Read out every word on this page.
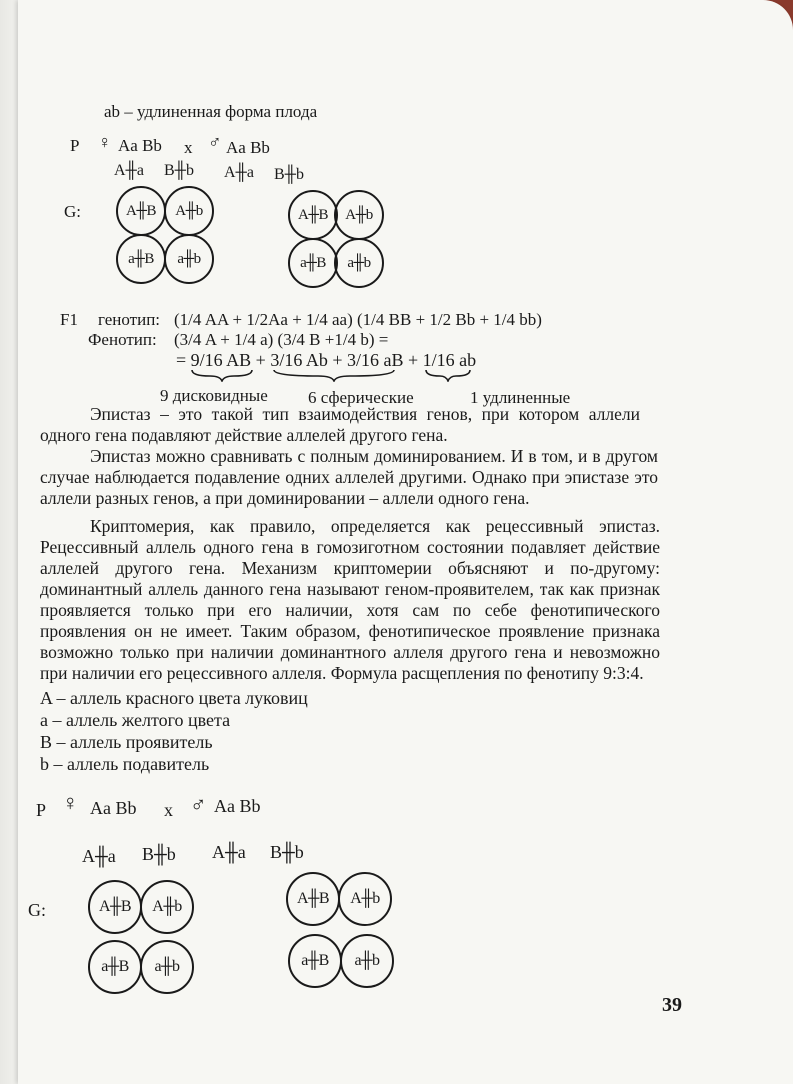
ab – удлиненная форма плода
P ♀ Aa Bb x ♂ Aa Bb
A╫a B╫b A╫a B╫b
G:	A╫B	A╫b
a╫B	a╫b
A╫B	A╫b
a╫B	a╫b
F1 генотип: (1/4 AA + 1/2Aa + 1/4 aa) (1/4 BB + 1/2 Bb + 1/4 bb)
Фенотип: (3/4 A + 1/4 a) (3/4 B +1/4 b) =
= 9/16 AB + 3/16 Ab + 3/16 aB + 1/16 ab
9 дисковидные 6 сферические	1 удлиненные
Эпистаз – это такой тип взаимодействия генов, при котором аллели одного гена подавляют действие аллелей другого гена.
Эпистаз можно сравнивать с полным доминированием. И в том, и в другом случае наблюдается подавление одних аллелей другими. Однако при эпистазе это аллели разных генов, а при доминировании – аллели одного гена.
Криптомерия, как правило, определяется как рецессивный эпистаз. Рецессивный аллель одного гена в гомозиготном состоянии подавляет действие аллелей другого гена. Механизм криптомерии объясняют и по-другому: доминантный аллель данного гена называют геном-проявителем, так как признак проявляется только при его наличии, хотя сам по себе фенотипического проявления он не имеет. Таким образом, фенотипическое проявление признака возможно только при наличии доминантного аллеля другого гена и невозможно при наличии его рецессивного аллеля. Формула расщепления по фенотипу 9:3:4.
A – аллель красного цвета луковиц
a – аллель желтого цвета
B – аллель проявитель
b – аллель подавитель
P ♀ Aa Bb x ♂ Aa Bb
A╫a B╫b A╫a B╫b
G:	A╫B	A╫b
a╫B	a╫b
A╫B	A╫b
a╫B	a╫b
39
